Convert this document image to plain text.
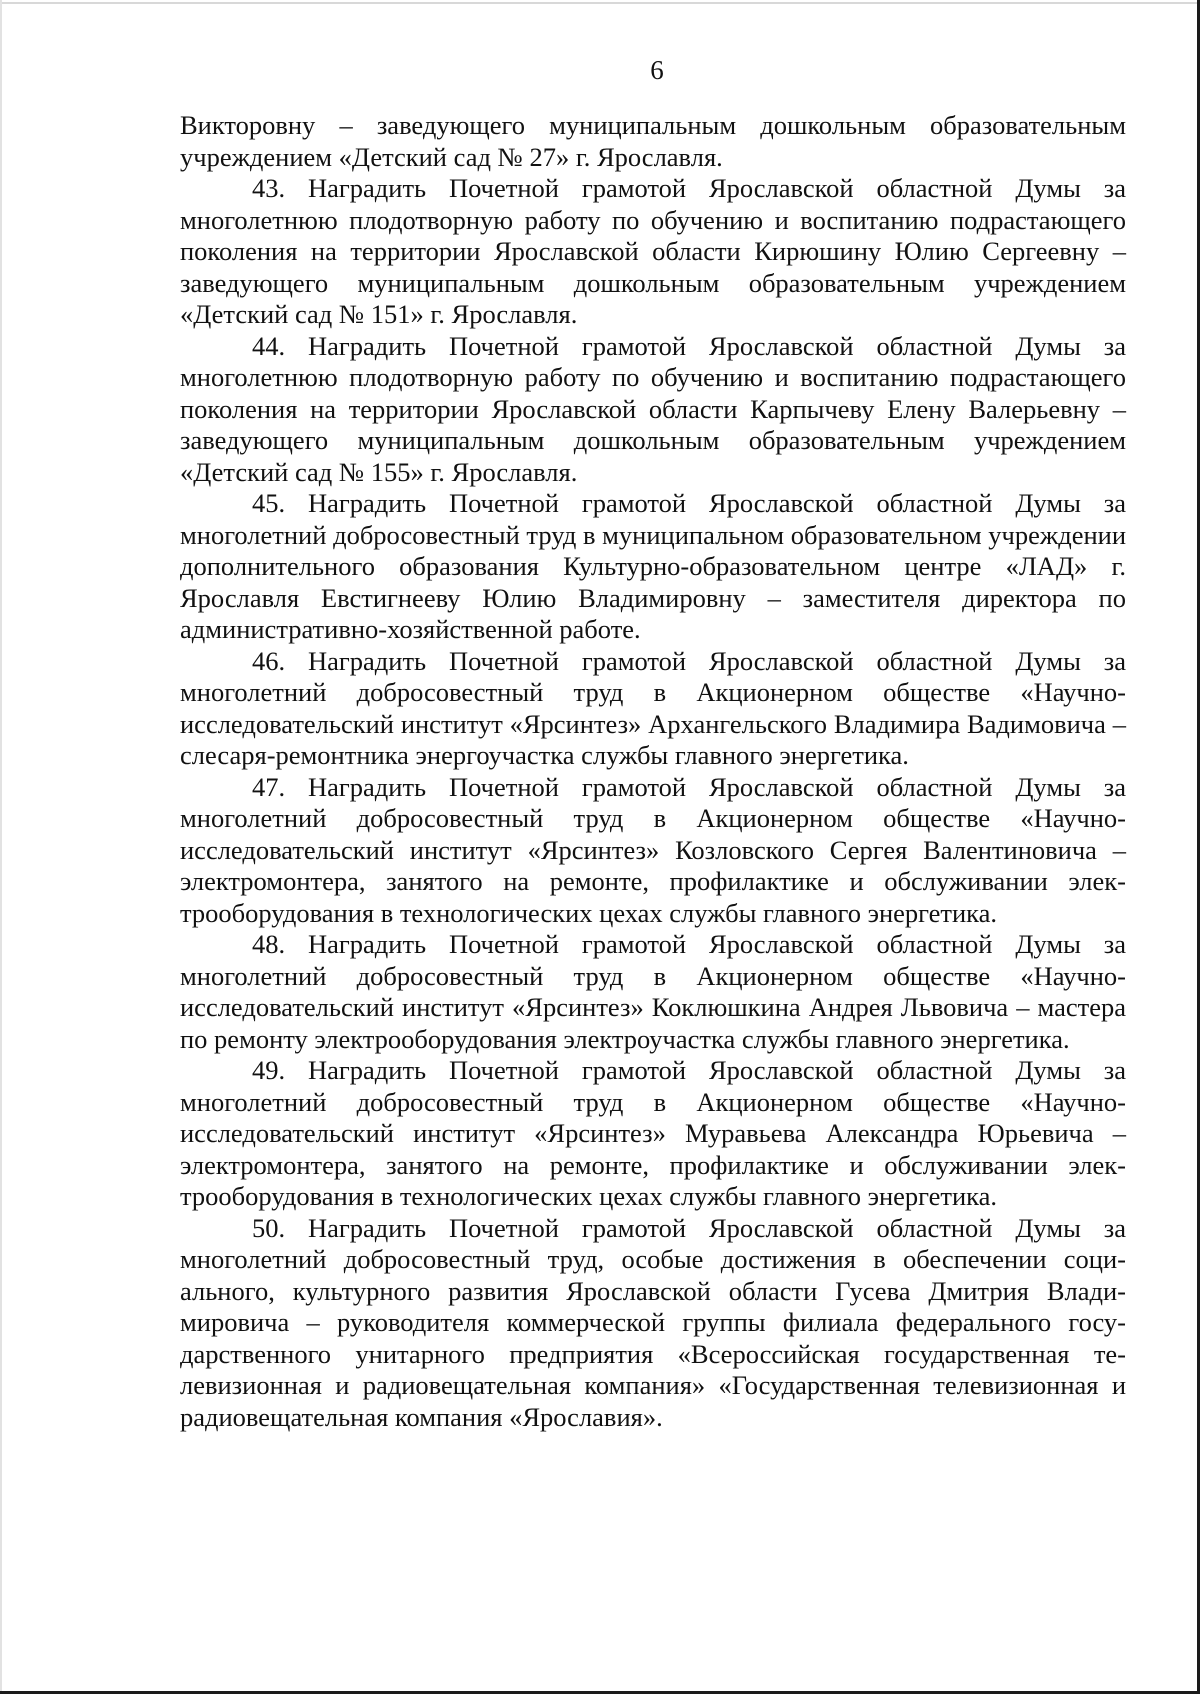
6

Викторовну – заведующего муниципальным дошкольным образовательным учреждением «Детский сад № 27» г. Ярославля.

43. Наградить Почетной грамотой Ярославской областной Думы за многолетнюю плодотворную работу по обучению и воспитанию подрастающего поколения на территории Ярославской области Кирюшину Юлию Сергеевну – заведующего муниципальным дошкольным образовательным учреждением «Детский сад № 151» г. Ярославля.

44. Наградить Почетной грамотой Ярославской областной Думы за многолетнюю плодотворную работу по обучению и воспитанию подрастающего поколения на территории Ярославской области Карпычеву Елену Валерьевну – заведующего муниципальным дошкольным образовательным учреждением «Детский сад № 155» г. Ярославля.

45. Наградить Почетной грамотой Ярославской областной Думы за многолетний добросовестный труд в муниципальном образовательном учреждении дополнительного образования Культурно-образовательном центре «ЛАД» г. Ярославля Евстигнееву Юлию Владимировну – заместителя директора по административно-хозяйственной работе.

46. Наградить Почетной грамотой Ярославской областной Думы за многолетний добросовестный труд в Акционерном обществе «Научно-исследовательский институт «Ярсинтез» Архангельского Владимира Вадимовича – слесаря-ремонтника энергоучастка службы главного энергетика.

47. Наградить Почетной грамотой Ярославской областной Думы за многолетний добросовестный труд в Акционерном обществе «Научно-исследовательский институт «Ярсинтез» Козловского Сергея Валентиновича – электромонтера, занятого на ремонте, профилактике и обслуживании электрооборудования в технологических цехах службы главного энергетика.

48. Наградить Почетной грамотой Ярославской областной Думы за многолетний добросовестный труд в Акционерном обществе «Научно-исследовательский институт «Ярсинтез» Коклюшкина Андрея Львовича – мастера по ремонту электрооборудования электроучастка службы главного энергетика.

49. Наградить Почетной грамотой Ярославской областной Думы за многолетний добросовестный труд в Акционерном обществе «Научно-исследовательский институт «Ярсинтез» Муравьева Александра Юрьевича – электромонтера, занятого на ремонте, профилактике и обслуживании электрооборудования в технологических цехах службы главного энергетика.

50. Наградить Почетной грамотой Ярославской областной Думы за многолетний добросовестный труд, особые достижения в обеспечении социального, культурного развития Ярославской области Гусева Дмитрия Владимировича – руководителя коммерческой группы филиала федерального государственного унитарного предприятия «Всероссийская государственная телевизионная и радиовещательная компания» «Государственная телевизионная и радиовещательная компания «Ярославия».
